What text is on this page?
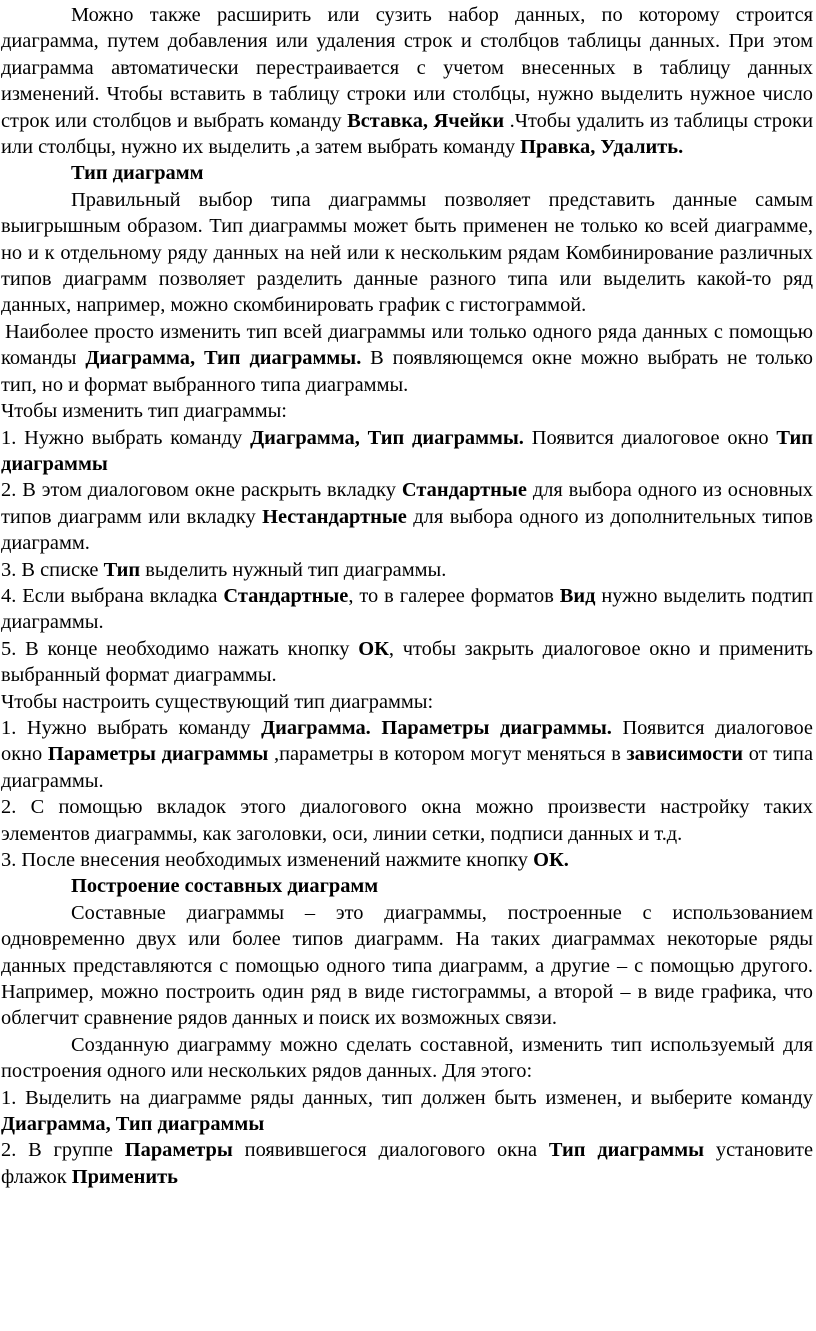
Можно также расширить или сузить набор данных, по которому строится диаграмма, путем добавления или удаления строк и столбцов таблицы данных. При этом диаграмма автоматически перестраивается с учетом внесенных в таблицу данных изменений. Чтобы вставить в таблицу строки или столбцы, нужно выделить нужное число строк или столбцов и выбрать команду Вставка, Ячейки .Чтобы удалить из таблицы строки или столбцы, нужно их выделить ,а затем выбрать команду Правка, Удалить.

Тип диаграмм

Правильный выбор типа диаграммы позволяет представить данные самым выигрышным образом. Тип диаграммы может быть применен не только ко всей диаграмме, но и к отдельному ряду данных на ней или к нескольким рядам Комбинирование различных типов диаграмм позволяет разделить данные разного типа или выделить какой-то ряд данных, например, можно скомбинировать график с гистограммой.

Наиболее просто изменить тип всей диаграммы или только одного ряда данных с помощью команды Диаграмма, Тип диаграммы. В появляющемся окне можно выбрать не только тип, но и формат выбранного типа диаграммы.

Чтобы изменить тип диаграммы:

1. Нужно выбрать команду Диаграмма, Тип диаграммы. Появится диалоговое окно Тип диаграммы

2. В этом диалоговом окне раскрыть вкладку Стандартные для выбора одного из основных типов диаграмм или вкладку Нестандартные для выбора одного из дополнительных типов диаграмм.

3. В списке Тип выделить нужный тип диаграммы.

4. Если выбрана вкладка Стандартные, то в галерее форматов Вид нужно выделить подтип диаграммы.

5. В конце необходимо нажать кнопку ОК, чтобы закрыть диалоговое окно и применить выбранный формат диаграммы.

Чтобы настроить существующий тип диаграммы:

1. Нужно выбрать команду Диаграмма. Параметры диаграммы. Появится диалоговое окно Параметры диаграммы ,параметры в котором могут меняться в зависимости от типа диаграммы.

2. С помощью вкладок этого диалогового окна можно произвести настройку таких элементов диаграммы, как заголовки, оси, линии сетки, подписи данных и т.д.

3. После внесения необходимых изменений нажмите кнопку ОК.

Построение составных диаграмм

Составные диаграммы – это диаграммы, построенные с использованием одновременно двух или более типов диаграмм. На таких диаграммах некоторые ряды данных представляются с помощью одного типа диаграмм, а другие – с помощью другого. Например, можно построить один ряд в виде гистограммы, а второй – в виде графика, что облегчит сравнение рядов данных и поиск их возможных связи.

Созданную диаграмму можно сделать составной, изменить тип используемый для построения одного или нескольких рядов данных. Для этого:

1. Выделить на диаграмме ряды данных, тип должен быть изменен, и выберите команду Диаграмма, Тип диаграммы

2. В группе Параметры появившегося диалогового окна Тип диаграммы установите флажок Применить
